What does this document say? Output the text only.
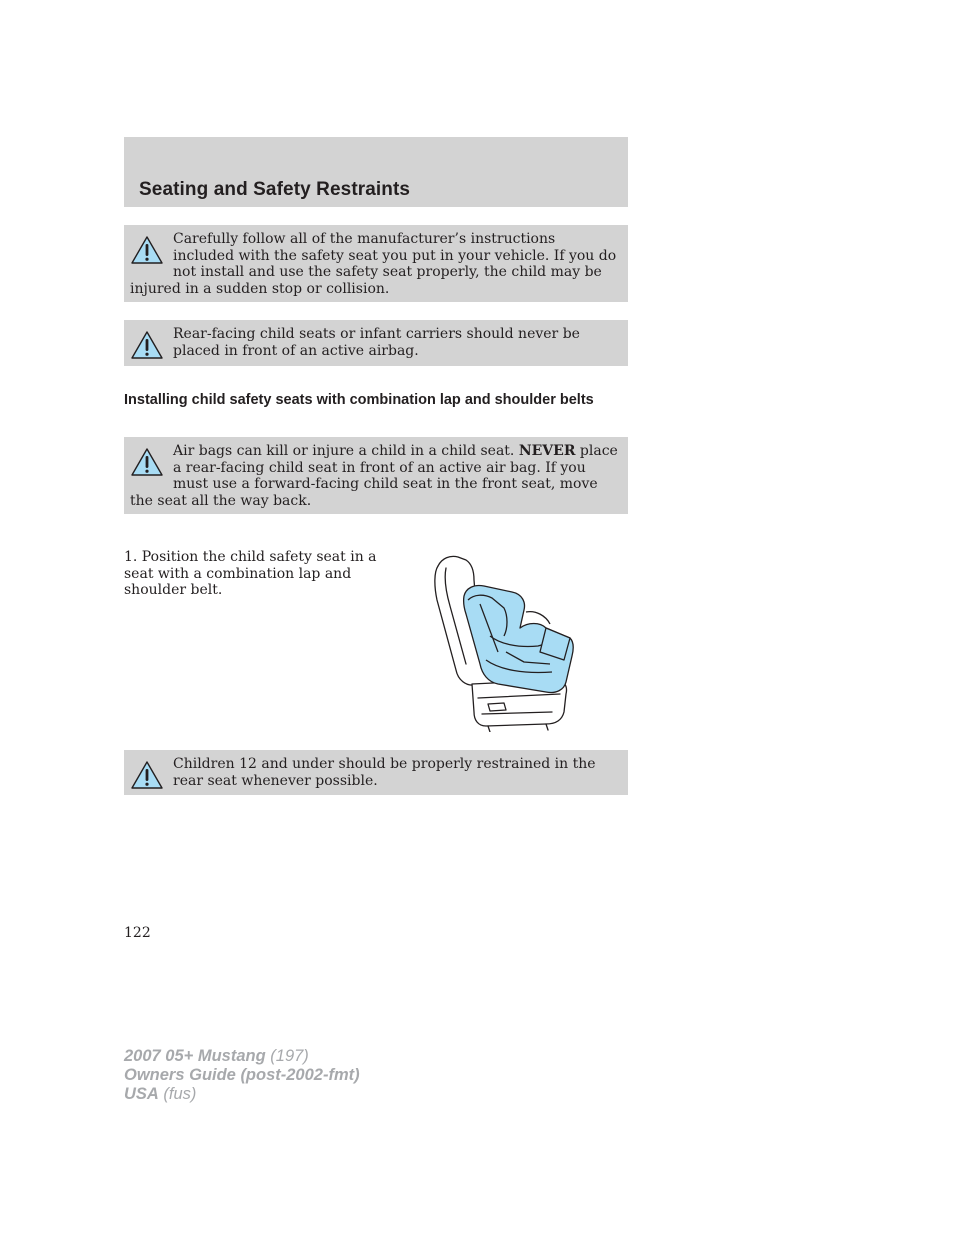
Seating and Safety Restraints

Carefully follow all of the manufacturer’s instructions included with the safety seat you put in your vehicle. If you do not install and use the safety seat properly, the child may be injured in a sudden stop or collision.

Rear-facing child seats or infant carriers should never be placed in front of an active airbag.

Installing child safety seats with combination lap and shoulder belts

Air bags can kill or injure a child in a child seat. NEVER place a rear-facing child seat in front of an active air bag. If you must use a forward-facing child seat in the front seat, move the seat all the way back.

1. Position the child safety seat in a seat with a combination lap and shoulder belt.

Children 12 and under should be properly restrained in the rear seat whenever possible.

122
2007 05+ Mustang (197)
Owners Guide (post-2002-fmt)
USA (fus)
